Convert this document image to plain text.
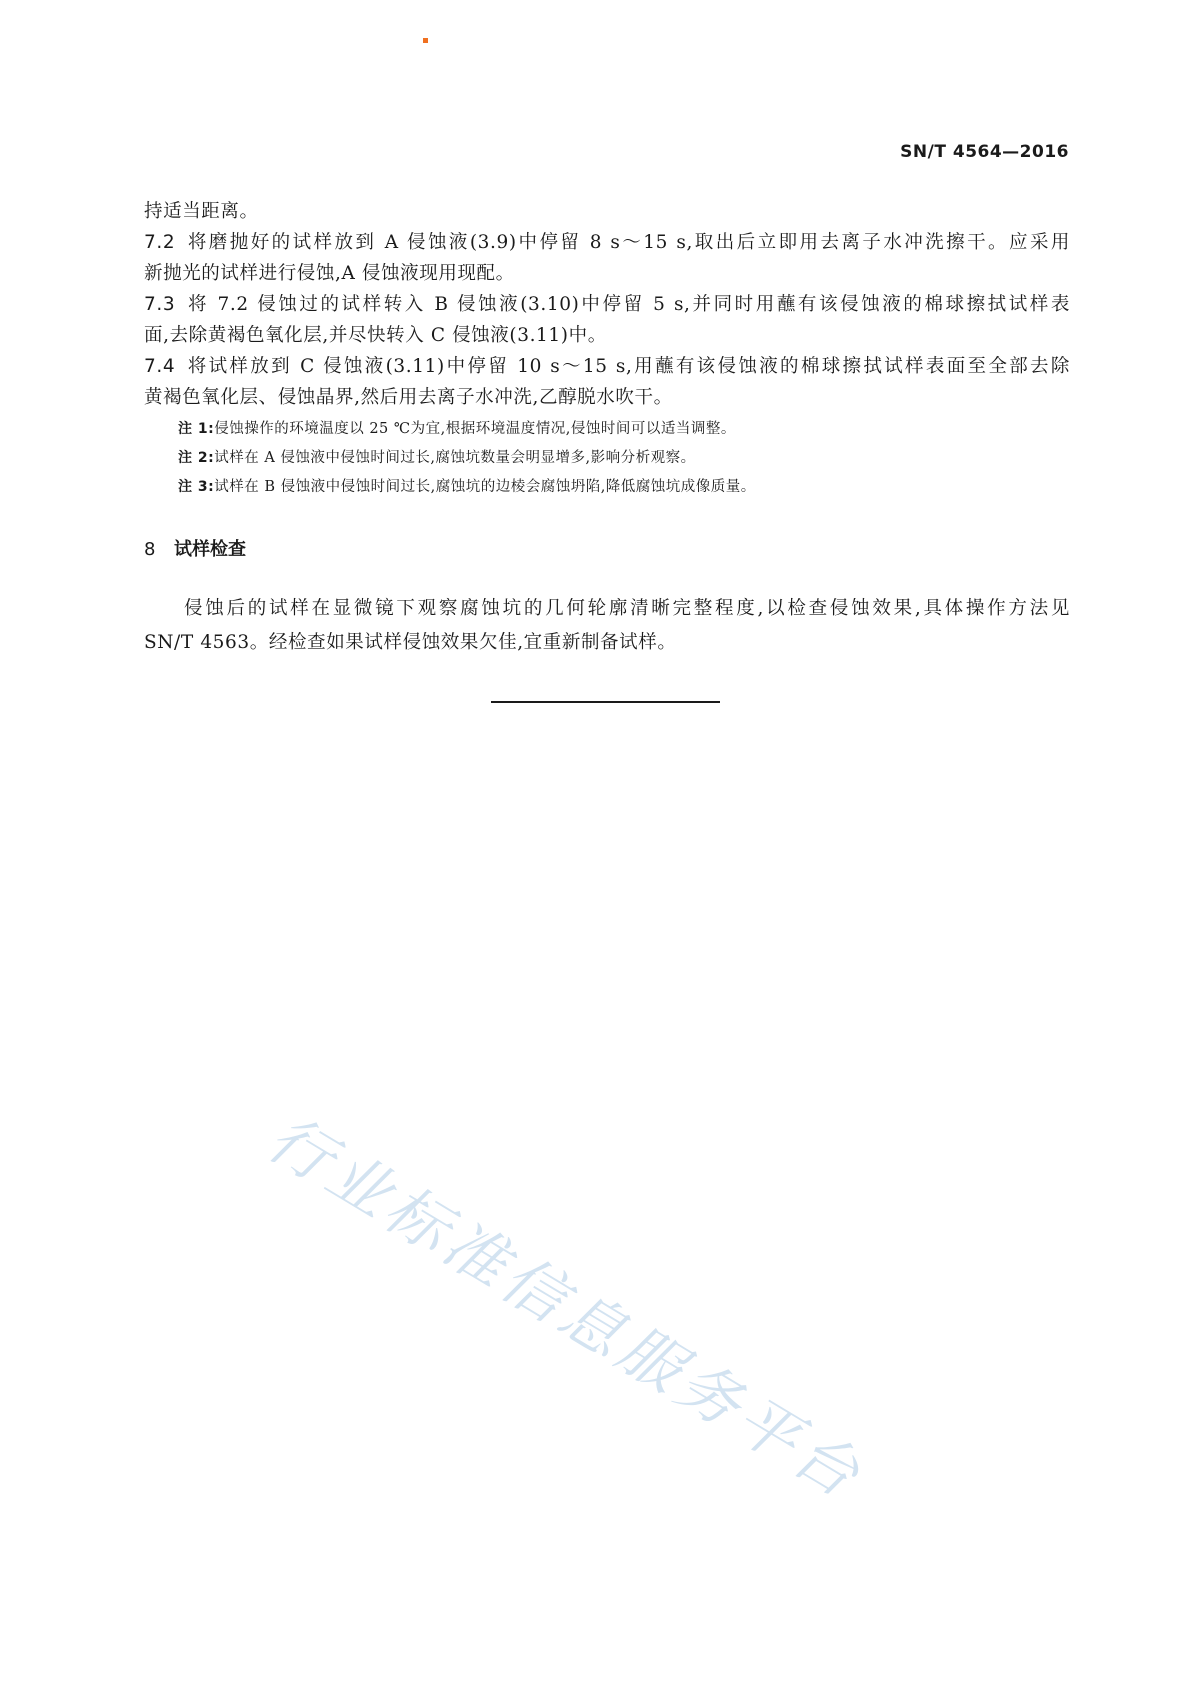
SN/T 4564—2016
持适当距离。
7.2 将磨抛好的试样放到 A 侵蚀液(3.9)中停留 8 s～15 s,取出后立即用去离子水冲洗擦干。应采用
新抛光的试样进行侵蚀,A 侵蚀液现用现配。
7.3 将 7.2 侵蚀过的试样转入 B 侵蚀液(3.10)中停留 5 s,并同时用蘸有该侵蚀液的棉球擦拭试样表
面,去除黄褐色氧化层,并尽快转入 C 侵蚀液(3.11)中。
7.4 将试样放到 C 侵蚀液(3.11)中停留 10 s～15 s,用蘸有该侵蚀液的棉球擦拭试样表面至全部去除
黄褐色氧化层、侵蚀晶界,然后用去离子水冲洗,乙醇脱水吹干。
注 1:侵蚀操作的环境温度以 25 ℃为宜,根据环境温度情况,侵蚀时间可以适当调整。
注 2:试样在 A 侵蚀液中侵蚀时间过长,腐蚀坑数量会明显增多,影响分析观察。
注 3:试样在 B 侵蚀液中侵蚀时间过长,腐蚀坑的边棱会腐蚀坍陷,降低腐蚀坑成像质量。
8 试样检查
侵蚀后的试样在显微镜下观察腐蚀坑的几何轮廓清晰完整程度,以检查侵蚀效果,具体操作方法见
SN/T 4563。经检查如果试样侵蚀效果欠佳,宜重新制备试样。
行业标准信息服务平台
